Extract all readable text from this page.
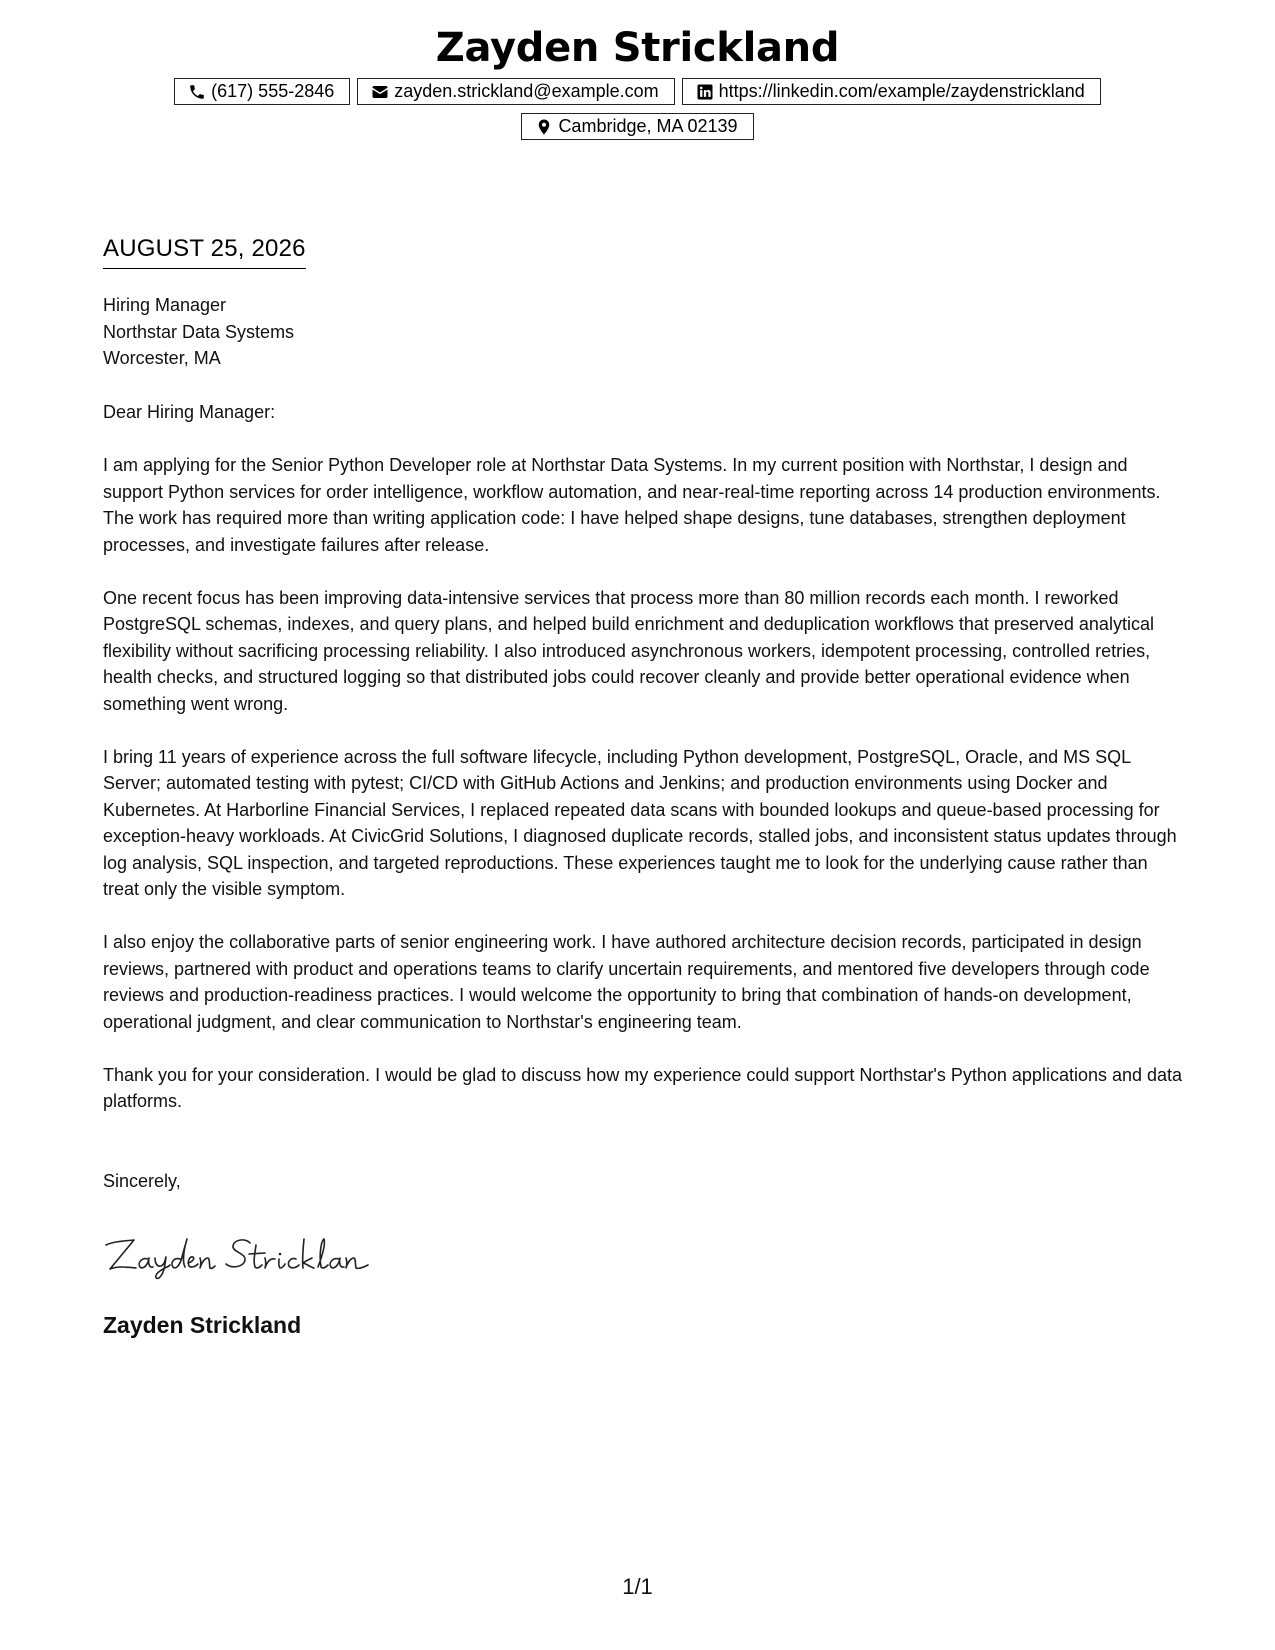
Zayden Strickland
(617) 555-2846	zayden.strickland@example.com	https://linkedin.com/example/zaydenstrickland
Cambridge, MA 02139
AUGUST 25, 2026
Hiring Manager
Northstar Data Systems
Worcester, MA

Dear Hiring Manager:

I am applying for the Senior Python Developer role at Northstar Data Systems. In my current position with Northstar, I design and support Python services for order intelligence, workflow automation, and near-real-time reporting across 14 production environments. The work has required more than writing application code: I have helped shape designs, tune databases, strengthen deployment processes, and investigate failures after release.

One recent focus has been improving data-intensive services that process more than 80 million records each month. I reworked PostgreSQL schemas, indexes, and query plans, and helped build enrichment and deduplication workflows that preserved analytical flexibility without sacrificing processing reliability. I also introduced asynchronous workers, idempotent processing, controlled retries, health checks, and structured logging so that distributed jobs could recover cleanly and provide better operational evidence when something went wrong.

I bring 11 years of experience across the full software lifecycle, including Python development, PostgreSQL, Oracle, and MS SQL Server; automated testing with pytest; CI/CD with GitHub Actions and Jenkins; and production environments using Docker and Kubernetes. At Harborline Financial Services, I replaced repeated data scans with bounded lookups and queue-based processing for exception-heavy workloads. At CivicGrid Solutions, I diagnosed duplicate records, stalled jobs, and inconsistent status updates through log analysis, SQL inspection, and targeted reproductions. These experiences taught me to look for the underlying cause rather than treat only the visible symptom.

I also enjoy the collaborative parts of senior engineering work. I have authored architecture decision records, participated in design reviews, partnered with product and operations teams to clarify uncertain requirements, and mentored five developers through code reviews and production-readiness practices. I would welcome the opportunity to bring that combination of hands-on development, operational judgment, and clear communication to Northstar's engineering team.

Thank you for your consideration. I would be glad to discuss how my experience could support Northstar's Python applications and data platforms.

Sincerely,
Zayden Strickland
1/1
